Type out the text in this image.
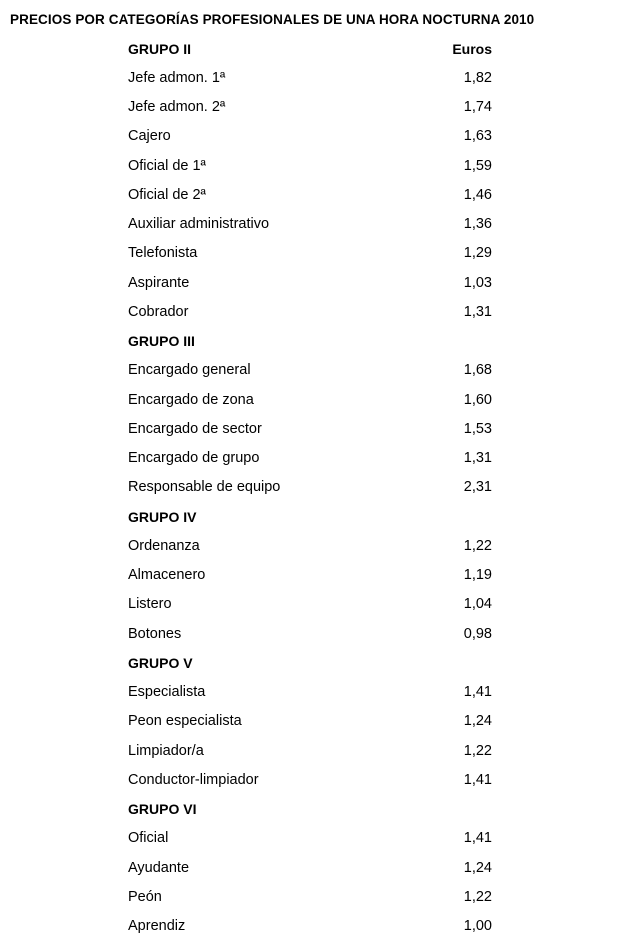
PRECIOS POR CATEGORÍAS PROFESIONALES DE UNA HORA NOCTURNA 2010
GRUPO II	Euros
Jefe admon. 1ª	1,82
Jefe admon. 2ª	1,74
Cajero	1,63
Oficial de 1ª	1,59
Oficial de 2ª	1,46
Auxiliar administrativo	1,36
Telefonista	1,29
Aspirante	1,03
Cobrador	1,31
GRUPO III
Encargado general	1,68
Encargado de zona	1,60
Encargado de sector	1,53
Encargado de grupo	1,31
Responsable de equipo	2,31
GRUPO IV
Ordenanza	1,22
Almacenero	1,19
Listero	1,04
Botones	0,98
GRUPO V
Especialista	1,41
Peon especialista	1,24
Limpiador/a	1,22
Conductor-limpiador	1,41
GRUPO VI
Oficial	1,41
Ayudante	1,24
Peón	1,22
Aprendiz	1,00
